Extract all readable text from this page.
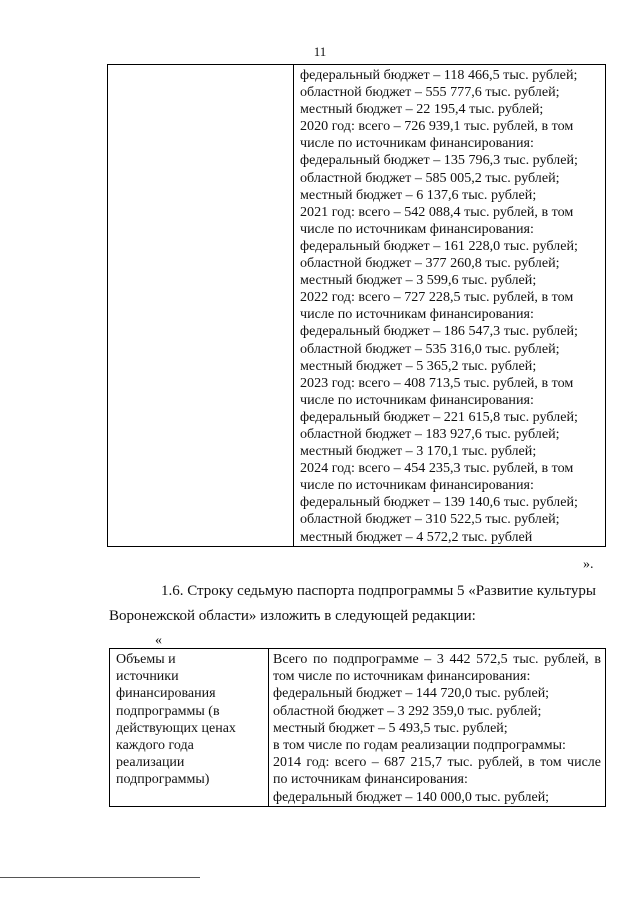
11

федеральный бюджет – 118 466,5 тыс. рублей;
областной бюджет – 555 777,6 тыс. рублей;
местный бюджет – 22 195,4 тыс. рублей;
2020 год: всего – 726 939,1 тыс. рублей, в том
числе по источникам финансирования:
федеральный бюджет – 135 796,3 тыс. рублей;
областной бюджет – 585 005,2 тыс. рублей;
местный бюджет – 6 137,6 тыс. рублей;
2021 год: всего – 542 088,4 тыс. рублей, в том
числе по источникам финансирования:
федеральный бюджет – 161 228,0 тыс. рублей;
областной бюджет – 377 260,8 тыс. рублей;
местный бюджет – 3 599,6 тыс. рублей;
2022 год: всего – 727 228,5 тыс. рублей, в том
числе по источникам финансирования:
федеральный бюджет – 186 547,3 тыс. рублей;
областной бюджет – 535 316,0 тыс. рублей;
местный бюджет – 5 365,2 тыс. рублей;
2023 год: всего – 408 713,5 тыс. рублей, в том
числе по источникам финансирования:
федеральный бюджет – 221 615,8 тыс. рублей;
областной бюджет – 183 927,6 тыс. рублей;
местный бюджет – 3 170,1 тыс. рублей;
2024 год: всего – 454 235,3 тыс. рублей, в том
числе по источникам финансирования:
федеральный бюджет – 139 140,6 тыс. рублей;
областной бюджет – 310 522,5 тыс. рублей;
местный бюджет – 4 572,2 тыс. рублей
».
1.6. Строку седьмую паспорта подпрограммы 5 «Развитие культуры
Воронежской области» изложить в следующей редакции:
«
Объемы и
источники
финансирования
подпрограммы (в
действующих ценах
каждого года
реализации
подпрограммы)

Всего по подпрограмме – 3 442 572,5 тыс. рублей, в
том числе по источникам финансирования:
федеральный бюджет – 144 720,0 тыс. рублей;
областной бюджет – 3 292 359,0 тыс. рублей;
местный бюджет – 5 493,5 тыс. рублей;
в том числе по годам реализации подпрограммы:
2014 год: всего – 687 215,7 тыс. рублей, в том числе
по источникам финансирования:
федеральный бюджет – 140 000,0 тыс. рублей;
